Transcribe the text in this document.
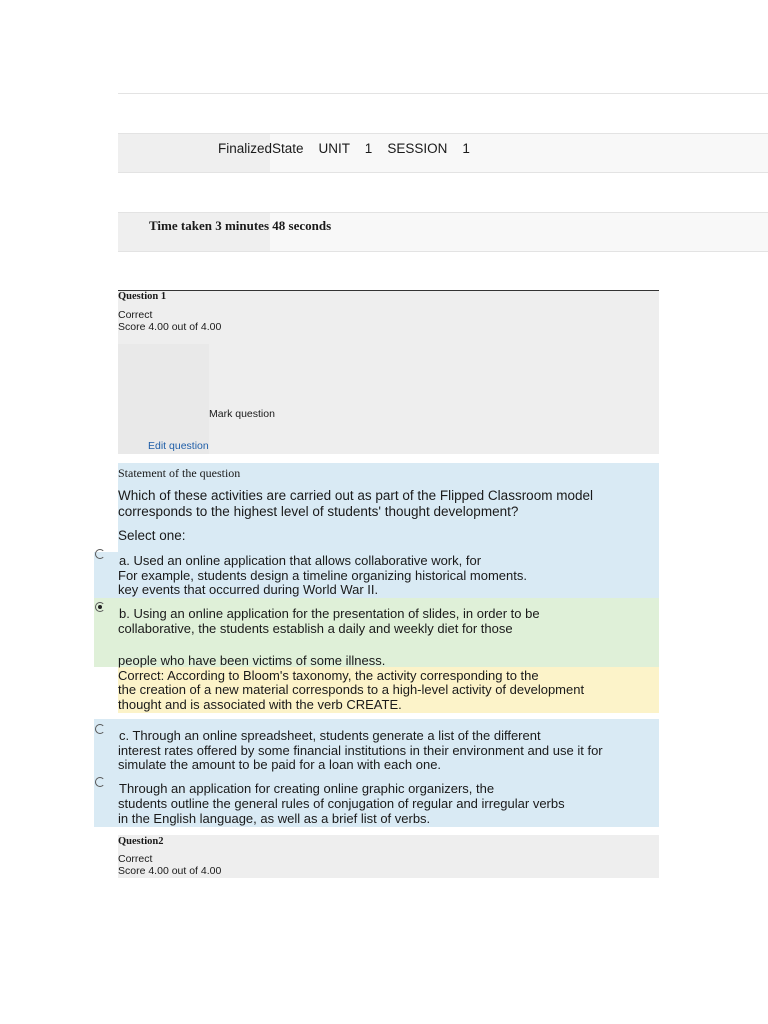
FinalizedState    UNIT    1    SESSION    1
Time taken 3 minutes 48 seconds
Question 1
Correct
Score 4.00 out of 4.00
Mark question
Edit question
Statement of the question
Which of these activities are carried out as part of the Flipped Classroom model corresponds to the highest level of students' thought development?
Select one:
a. Used an online application that allows collaborative work, for
For example, students design a timeline organizing historical moments.
key events that occurred during World War II.
b. Using an online application for the presentation of slides, in order to be
collaborative, the students establish a daily and weekly diet for those
people who have been victims of some illness.
Correct: According to Bloom's taxonomy, the activity corresponding to the
the creation of a new material corresponds to a high-level activity of development
thought and is associated with the verb CREATE.
c. Through an online spreadsheet, students generate a list of the different
interest rates offered by some financial institutions in their environment and use it for
simulate the amount to be paid for a loan with each one.
Through an application for creating online graphic organizers, the
students outline the general rules of conjugation of regular and irregular verbs
in the English language, as well as a brief list of verbs.
Question2
Correct
Score 4.00 out of 4.00
